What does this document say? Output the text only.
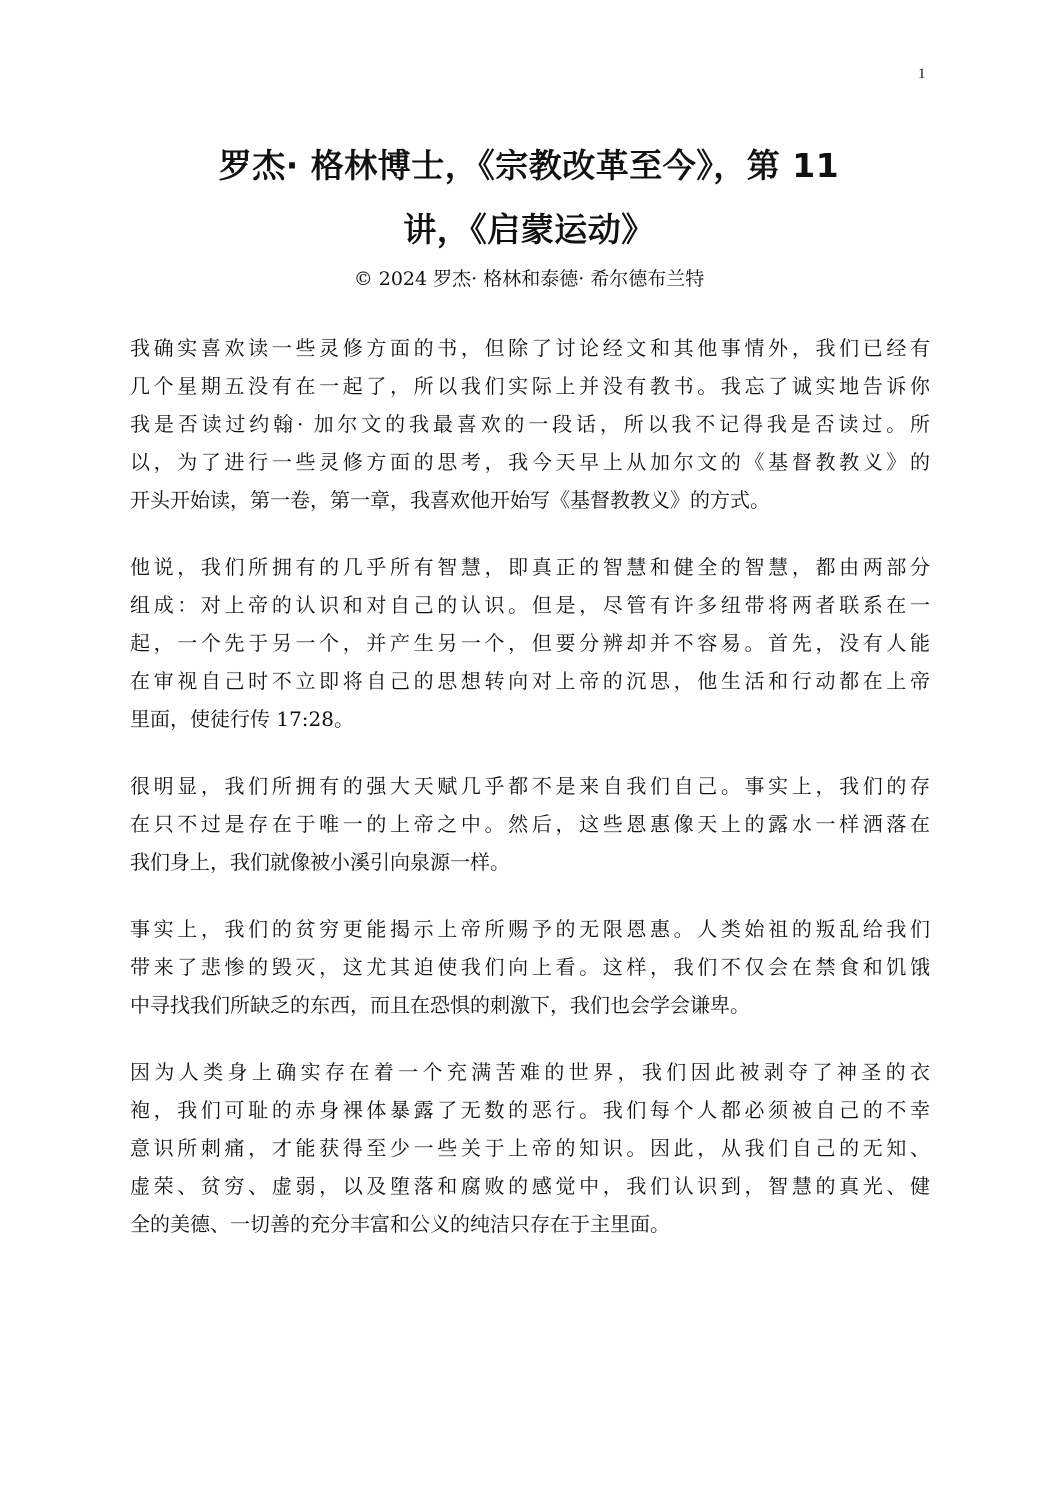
1
罗杰· 格林博士，《宗教改革至今》，第 11
讲，《启蒙运动》
© 2024 罗杰· 格林和泰德· 希尔德布兰特
我确实喜欢读一些灵修方面的书，但除了讨论经文和其他事情外，我们已经有
几个星期五没有在一起了，所以我们实际上并没有教书。我忘了诚实地告诉你
我是否读过约翰· 加尔文的我最喜欢的一段话，所以我不记得我是否读过。所
以，为了进行一些灵修方面的思考，我今天早上从加尔文的《基督教教义》的
开头开始读，第一卷，第一章，我喜欢他开始写《基督教教义》的方式。
他说，我们所拥有的几乎所有智慧，即真正的智慧和健全的智慧，都由两部分
组成：对上帝的认识和对自己的认识。但是，尽管有许多纽带将两者联系在一
起，一个先于另一个，并产生另一个，但要分辨却并不容易。首先，没有人能
在审视自己时不立即将自己的思想转向对上帝的沉思，他生活和行动都在上帝
里面，使徒行传 17:28。
很明显，我们所拥有的强大天赋几乎都不是来自我们自己。事实上，我们的存
在只不过是存在于唯一的上帝之中。然后，这些恩惠像天上的露水一样洒落在
我们身上，我们就像被小溪引向泉源一样。
事实上，我们的贫穷更能揭示上帝所赐予的无限恩惠。人类始祖的叛乱给我们
带来了悲惨的毁灭，这尤其迫使我们向上看。这样，我们不仅会在禁食和饥饿
中寻找我们所缺乏的东西，而且在恐惧的刺激下，我们也会学会谦卑。
因为人类身上确实存在着一个充满苦难的世界，我们因此被剥夺了神圣的衣
袍，我们可耻的赤身裸体暴露了无数的恶行。我们每个人都必须被自己的不幸
意识所刺痛，才能获得至少一些关于上帝的知识。因此，从我们自己的无知、
虚荣、贫穷、虚弱，以及堕落和腐败的感觉中，我们认识到，智慧的真光、健
全的美德、一切善的充分丰富和公义的纯洁只存在于主里面。
